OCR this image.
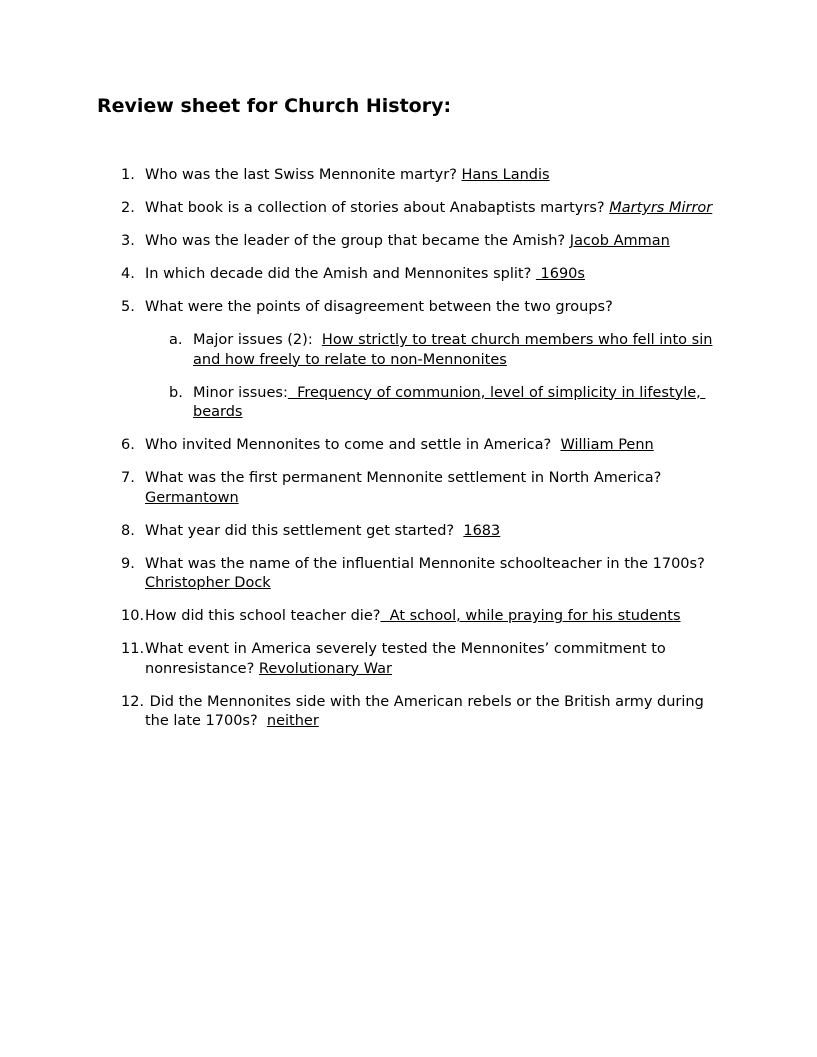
Review sheet for Church History:
1. Who was the last Swiss Mennonite martyr? Hans Landis
2. What book is a collection of stories about Anabaptists martyrs? Martyrs Mirror
3. Who was the leader of the group that became the Amish? Jacob Amman
4. In which decade did the Amish and Mennonites split?  1690s
5. What were the points of disagreement between the two groups?
a. Major issues (2):  How strictly to treat church members who fell into sin and how freely to relate to non-Mennonites
b. Minor issues:  Frequency of communion, level of simplicity in lifestyle, beards
6. Who invited Mennonites to come and settle in America?  William Penn
7. What was the first permanent Mennonite settlement in North America? Germantown
8. What year did this settlement get started?  1683
9. What was the name of the influential Mennonite schoolteacher in the 1700s? Christopher Dock
10. How did this school teacher die?  At school, while praying for his students
11. What event in America severely tested the Mennonites’ commitment to nonresistance? Revolutionary War
12. Did the Mennonites side with the American rebels or the British army during the late 1700s?  neither
